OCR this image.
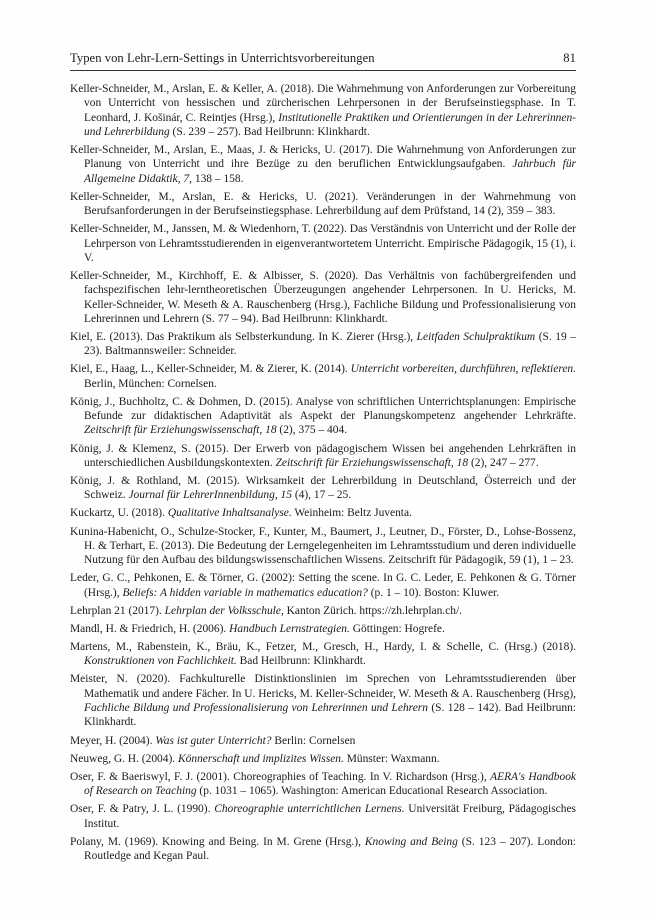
Typen von Lehr-Lern-Settings in Unterrichtsvorbereitungen	81

Keller-Schneider, M., Arslan, E. & Keller, A. (2018). Die Wahrnehmung von Anforderungen zur Vorbereitung von Unterricht von hessischen und zürcherischen Lehrpersonen in der Berufseinstiegsphase. In T. Leonhard, J. Košinár, C. Reintjes (Hrsg.), Institutionelle Praktiken und Orientierungen in der Lehrerinnen- und Lehrerbildung (S. 239 – 257). Bad Heilbrunn: Klinkhardt.

Keller-Schneider, M., Arslan, E., Maas, J. & Hericks, U. (2017). Die Wahrnehmung von Anforderungen zur Planung von Unterricht und ihre Bezüge zu den beruflichen Entwicklungsaufgaben. Jahrbuch für Allgemeine Didaktik, 7, 138 – 158.

Keller-Schneider, M., Arslan, E. & Hericks, U. (2021). Veränderungen in der Wahrnehmung von Berufsanforderungen in der Berufseinstiegsphase. Lehrerbildung auf dem Prüfstand, 14 (2), 359 – 383.

Keller-Schneider, M., Janssen, M. & Wiedenhorn, T. (2022). Das Verständnis von Unterricht und der Rolle der Lehrperson von Lehramtsstudierenden in eigenverantwortetem Unterricht. Empirische Pädagogik, 15 (1), i. V.

Keller-Schneider, M., Kirchhoff, E. & Albisser, S. (2020). Das Verhältnis von fachübergreifenden und fachspezifischen lehr-lerntheoretischen Überzeugungen angehender Lehrpersonen. In U. Hericks, M. Keller-Schneider, W. Meseth & A. Rauschenberg (Hrsg.), Fachliche Bildung und Professionalisierung von Lehrerinnen und Lehrern (S. 77 – 94). Bad Heilbrunn: Klinkhardt.

Kiel, E. (2013). Das Praktikum als Selbsterkundung. In K. Zierer (Hrsg.), Leitfaden Schulpraktikum (S. 19 – 23). Baltmannsweiler: Schneider.

Kiel, E., Haag, L., Keller-Schneider, M. & Zierer, K. (2014). Unterricht vorbereiten, durchführen, reflektieren. Berlin, München: Cornelsen.

König, J., Buchholtz, C. & Dohmen, D. (2015). Analyse von schriftlichen Unterrichtsplanungen: Empirische Befunde zur didaktischen Adaptivität als Aspekt der Planungskompetenz angehender Lehrkräfte. Zeitschrift für Erziehungswissenschaft, 18 (2), 375 – 404.

König, J. & Klemenz, S. (2015). Der Erwerb von pädagogischem Wissen bei angehenden Lehrkräften in unterschiedlichen Ausbildungskontexten. Zeitschrift für Erziehungswissenschaft, 18 (2), 247 – 277.

König, J. & Rothland, M. (2015). Wirksamkeit der Lehrerbildung in Deutschland, Österreich und der Schweiz. Journal für LehrerInnenbildung, 15 (4), 17 – 25.

Kuckartz, U. (2018). Qualitative Inhaltsanalyse. Weinheim: Beltz Juventa.

Kunina-Habenicht, O., Schulze-Stocker, F., Kunter, M., Baumert, J., Leutner, D., Förster, D., Lohse-Bossenz, H. & Terhart, E. (2013). Die Bedeutung der Lerngelegenheiten im Lehramtsstudium und deren individuelle Nutzung für den Aufbau des bildungswissenschaftlichen Wissens. Zeitschrift für Pädagogik, 59 (1), 1 – 23.

Leder, G. C., Pehkonen, E. & Törner, G. (2002): Setting the scene. In G. C. Leder, E. Pehkonen & G. Törner (Hrsg.), Beliefs: A hidden variable in mathematics education? (p. 1 – 10). Boston: Kluwer.

Lehrplan 21 (2017). Lehrplan der Volksschule, Kanton Zürich. https://zh.lehrplan.ch/.

Mandl, H. & Friedrich, H. (2006). Handbuch Lernstrategien. Göttingen: Hogrefe.

Martens, M., Rabenstein, K., Bräu, K., Fetzer, M., Gresch, H., Hardy, I. & Schelle, C. (Hrsg.) (2018). Konstruktionen von Fachlichkeit. Bad Heilbrunn: Klinkhardt.

Meister, N. (2020). Fachkulturelle Distinktionslinien im Sprechen von Lehramtsstudierenden über Mathematik und andere Fächer. In U. Hericks, M. Keller-Schneider, W. Meseth & A. Rauschenberg (Hrsg), Fachliche Bildung und Professionalisierung von Lehrerinnen und Lehrern (S. 128 – 142). Bad Heilbrunn: Klinkhardt.

Meyer, H. (2004). Was ist guter Unterricht? Berlin: Cornelsen

Neuweg, G. H. (2004). Könnerschaft und implizites Wissen. Münster: Waxmann.

Oser, F. & Baeriswyl, F. J. (2001). Choreographies of Teaching. In V. Richardson (Hrsg.), AERA's Handbook of Research on Teaching (p. 1031 – 1065). Washington: American Educational Research Association.

Oser, F. & Patry, J. L. (1990). Choreographie unterrichtlichen Lernens. Universität Freiburg, Pädagogisches Institut.

Polany, M. (1969). Knowing and Being. In M. Grene (Hrsg.), Knowing and Being (S. 123 – 207). London: Routledge and Kegan Paul.
